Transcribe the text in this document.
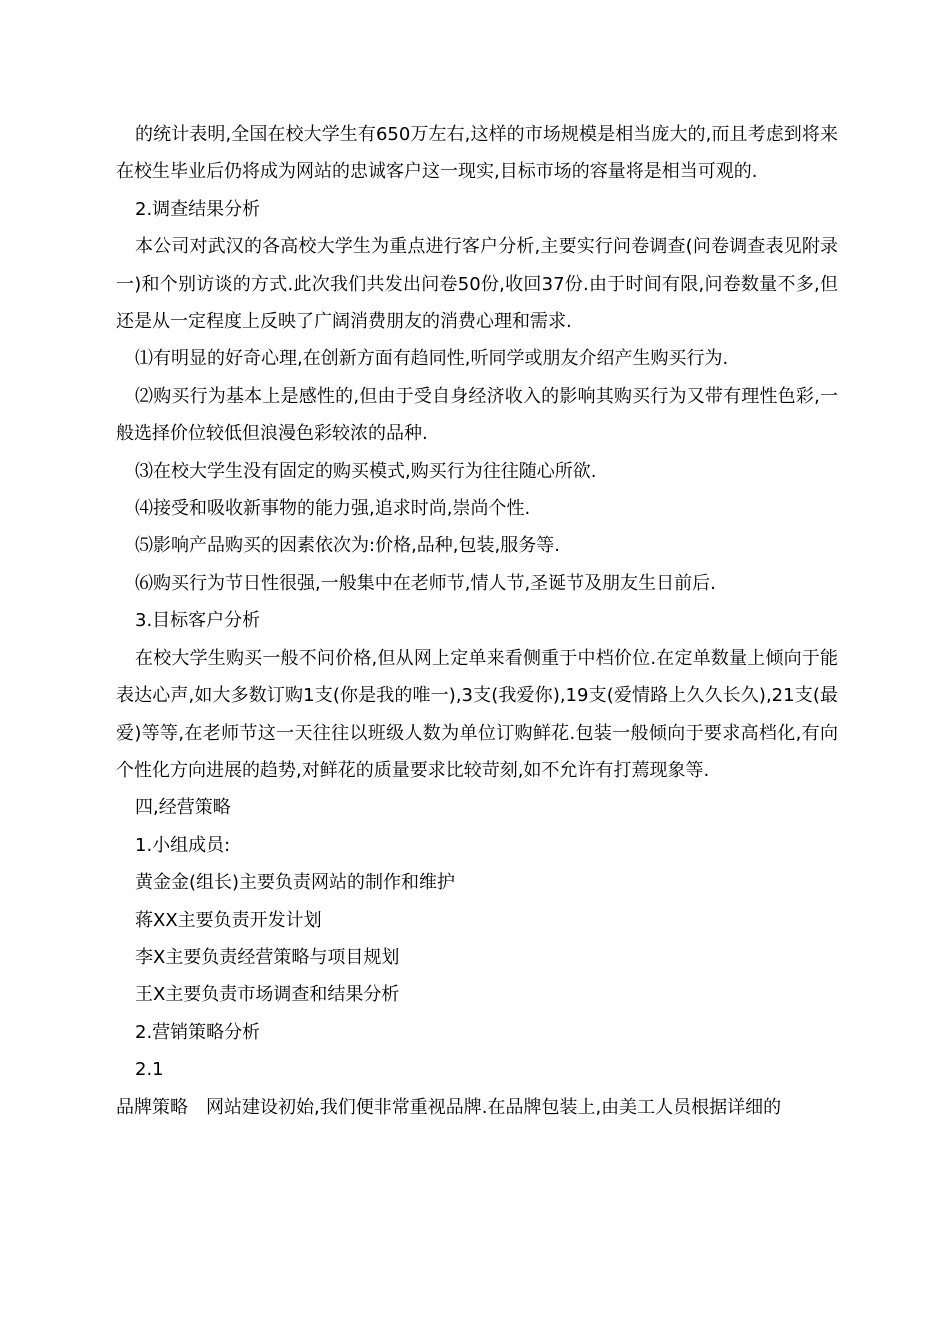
的统计表明,全国在校大学生有650万左右,这样的市场规模是相当庞大的,而且考虑到将来在校生毕业后仍将成为网站的忠诚客户这一现实,目标市场的容量将是相当可观的.

2.调查结果分析

本公司对武汉的各高校大学生为重点进行客户分析,主要实行问卷调查(问卷调查表见附录一)和个别访谈的方式.此次我们共发出问卷50份,收回37份.由于时间有限,问卷数量不多,但还是从一定程度上反映了广阔消费朋友的消费心理和需求.

⑴有明显的好奇心理,在创新方面有趋同性,听同学或朋友介绍产生购买行为.

⑵购买行为基本上是感性的,但由于受自身经济收入的影响其购买行为又带有理性色彩,一般选择价位较低但浪漫色彩较浓的品种.

⑶在校大学生没有固定的购买模式,购买行为往往随心所欲.

⑷接受和吸收新事物的能力强,追求时尚,崇尚个性.

⑸影响产品购买的因素依次为:价格,品种,包装,服务等.

⑹购买行为节日性很强,一般集中在老师节,情人节,圣诞节及朋友生日前后.

3.目标客户分析

在校大学生购买一般不问价格,但从网上定单来看侧重于中档价位.在定单数量上倾向于能表达心声,如大多数订购1支(你是我的唯一),3支(我爱你),19支(爱情路上久久长久),21支(最爱)等等,在老师节这一天往往以班级人数为单位订购鲜花.包装一般倾向于要求高档化,有向个性化方向进展的趋势,对鲜花的质量要求比较苛刻,如不允许有打蔫现象等.

四,经营策略

1.小组成员:

黄金金(组长)主要负责网站的制作和维护

蒋XX主要负责开发计划

李X主要负责经营策略与项目规划

王X主要负责市场调查和结果分析

2.营销策略分析

2.1

品牌策略　网站建设初始,我们便非常重视品牌.在品牌包装上,由美工人员根据详细的
